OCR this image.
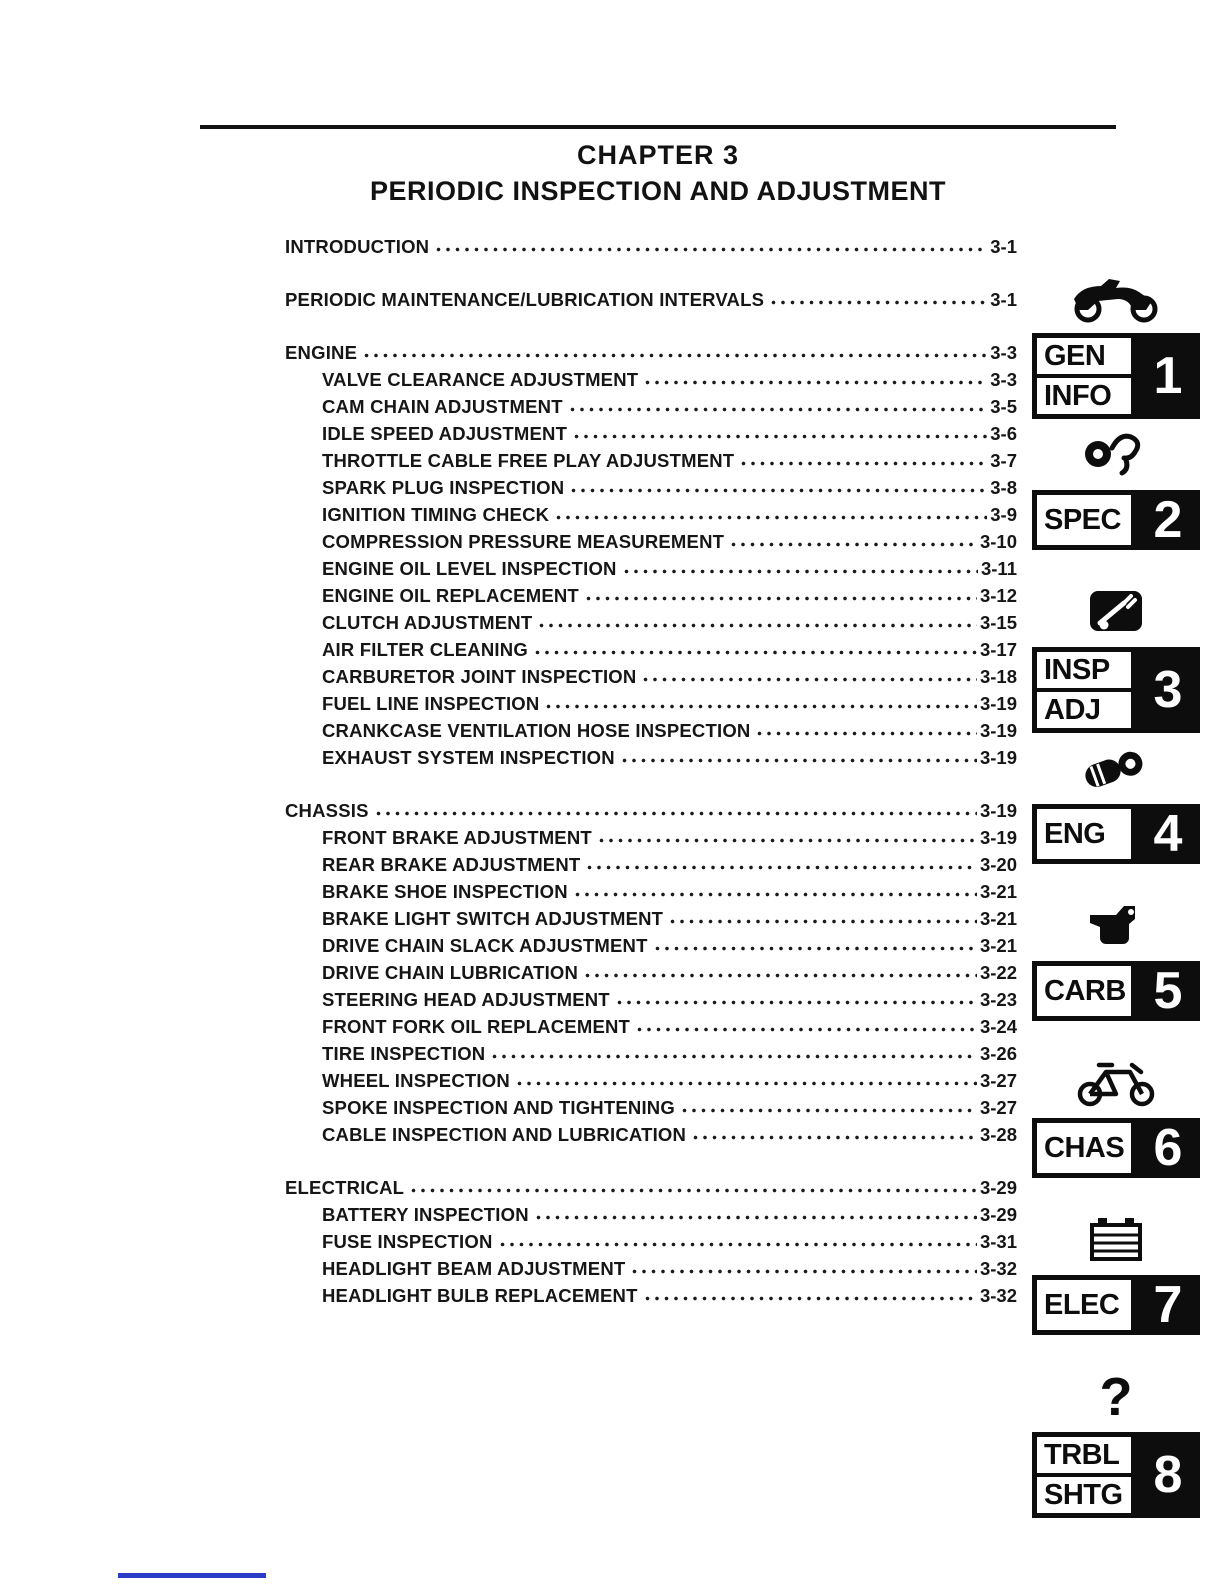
CHAPTER 3
PERIODIC INSPECTION AND ADJUSTMENT
INTRODUCTION	3-1
PERIODIC MAINTENANCE/LUBRICATION INTERVALS	3-1
ENGINE	3-3
VALVE CLEARANCE ADJUSTMENT	3-3
CAM CHAIN ADJUSTMENT	3-5
IDLE SPEED ADJUSTMENT	3-6
THROTTLE CABLE FREE PLAY ADJUSTMENT	3-7
SPARK PLUG INSPECTION	3-8
IGNITION TIMING CHECK	3-9
COMPRESSION PRESSURE MEASUREMENT	3-10
ENGINE OIL LEVEL INSPECTION	3-11
ENGINE OIL REPLACEMENT	3-12
CLUTCH ADJUSTMENT	3-15
AIR FILTER CLEANING	3-17
CARBURETOR JOINT INSPECTION	3-18
FUEL LINE INSPECTION	3-19
CRANKCASE VENTILATION HOSE INSPECTION	3-19
EXHAUST SYSTEM INSPECTION	3-19
CHASSIS	3-19
FRONT BRAKE ADJUSTMENT	3-19
REAR BRAKE ADJUSTMENT	3-20
BRAKE SHOE INSPECTION	3-21
BRAKE LIGHT SWITCH ADJUSTMENT	3-21
DRIVE CHAIN SLACK ADJUSTMENT	3-21
DRIVE CHAIN LUBRICATION	3-22
STEERING HEAD ADJUSTMENT	3-23
FRONT FORK OIL REPLACEMENT	3-24
TIRE INSPECTION	3-26
WHEEL INSPECTION	3-27
SPOKE INSPECTION AND TIGHTENING	3-27
CABLE INSPECTION AND LUBRICATION	3-28
ELECTRICAL	3-29
BATTERY INSPECTION	3-29
FUSE INSPECTION	3-31
HEADLIGHT BEAM ADJUSTMENT	3-32
HEADLIGHT BULB REPLACEMENT	3-32
GEN
INFO 1
SPEC 2
INSP
ADJ	3
ENG 4
CARB 5
CHAS 6
ELEC 7
?
TRBL
SHTG 8
